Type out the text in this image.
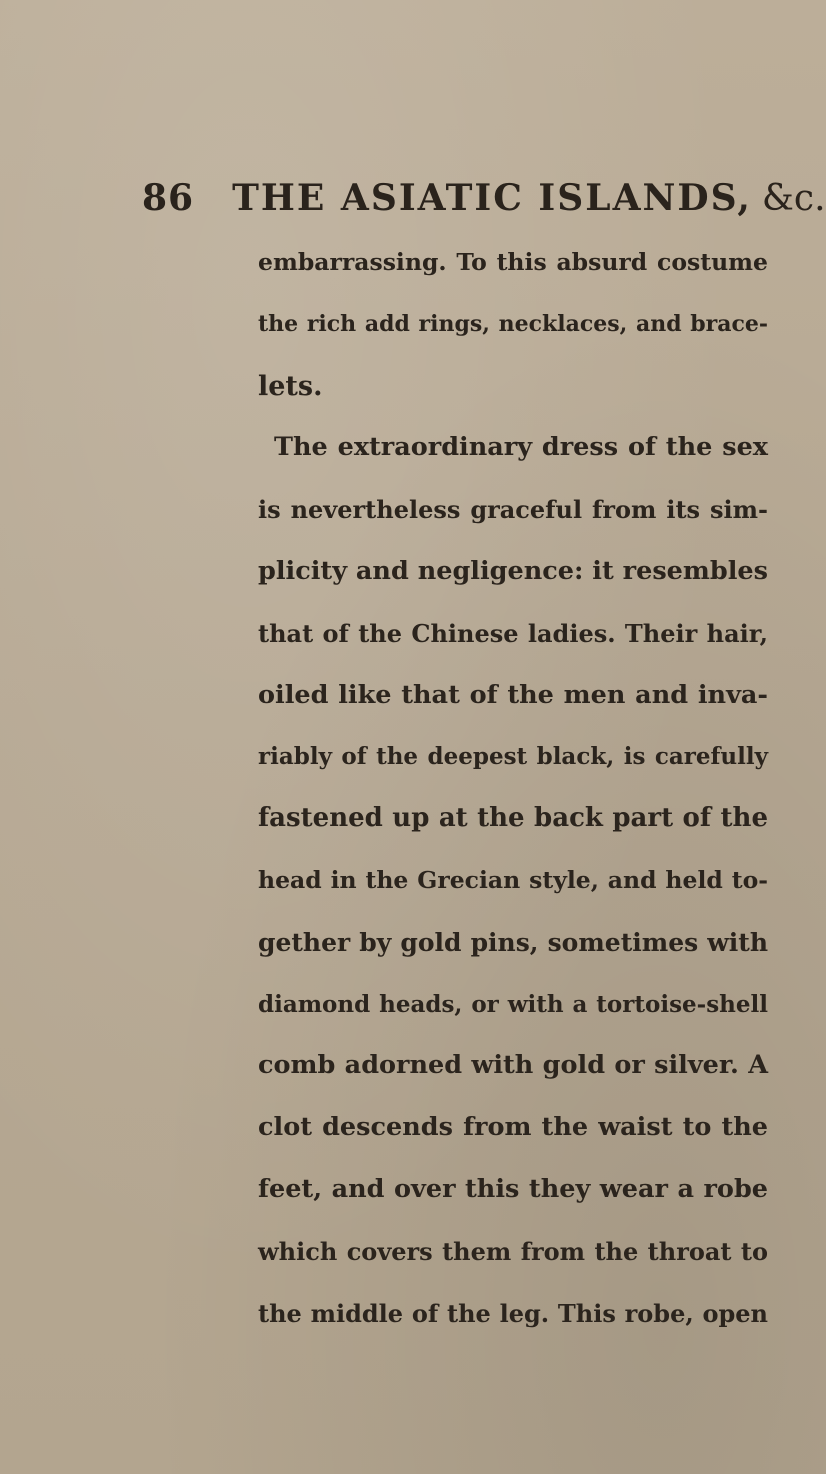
86 THE ASIATIC ISLANDS, &c.
embarrassing. To this absurd costume
the rich add rings, necklaces, and brace-
lets.
The extraordinary dress of the sex
is nevertheless graceful from its sim-
plicity and negligence: it resembles
that of the Chinese ladies. Their hair,
oiled like that of the men and inva-
riably of the deepest black, is carefully
fastened up at the back part of the
head in the Grecian style, and held to-
gether by gold pins, sometimes with
diamond heads, or with a tortoise-shell
comb adorned with gold or silver. A
clot descends from the waist to the
feet, and over this they wear a robe
which covers them from the throat to
the middle of the leg. This robe, open
